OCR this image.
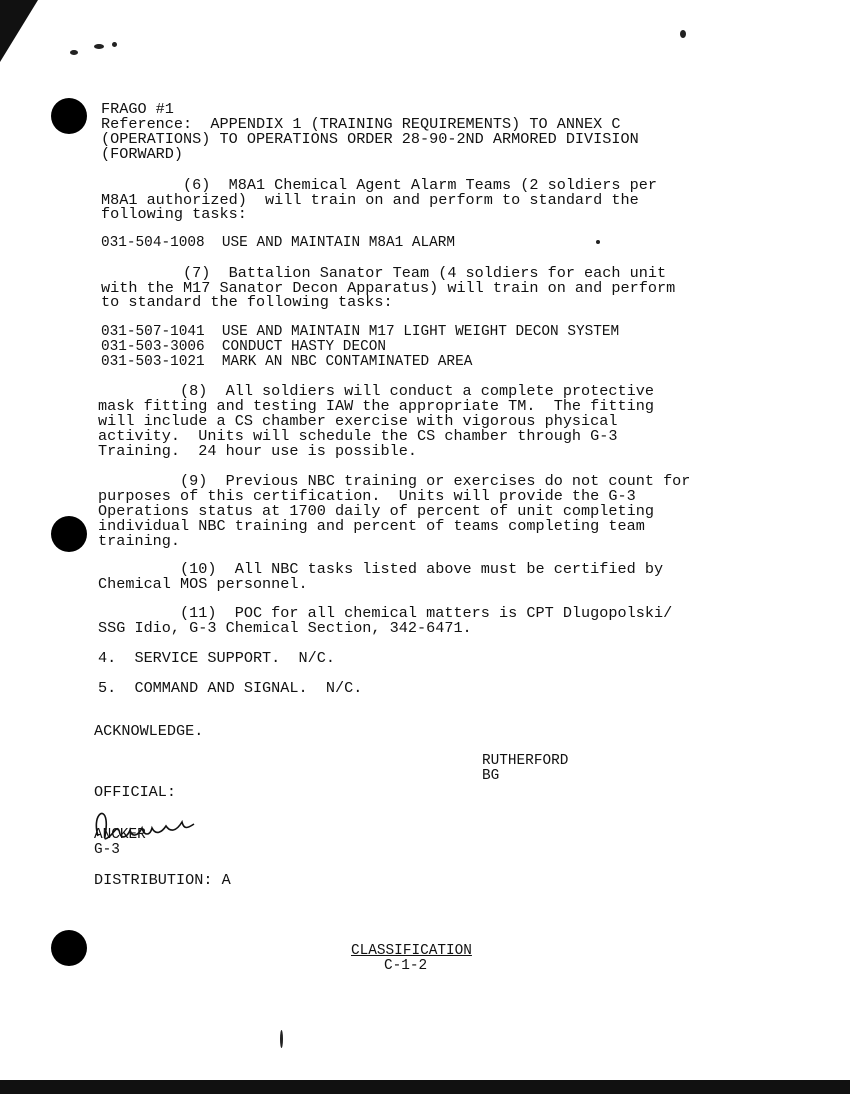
FRAGO #1
Reference:  APPENDIX 1 (TRAINING REQUIREMENTS) TO ANNEX C
(OPERATIONS) TO OPERATIONS ORDER 28-90-2ND ARMORED DIVISION
(FORWARD)
(6)  M8A1 Chemical Agent Alarm Teams (2 soldiers per
M8A1 authorized)  will train on and perform to standard the
following tasks:
031-504-1008  USE AND MAINTAIN M8A1 ALARM
(7)  Battalion Sanator Team (4 soldiers for each unit
with the M17 Sanator Decon Apparatus) will train on and perform
to standard the following tasks:
031-507-1041  USE AND MAINTAIN M17 LIGHT WEIGHT DECON SYSTEM
031-503-3006  CONDUCT HASTY DECON
031-503-1021  MARK AN NBC CONTAMINATED AREA
(8)  All soldiers will conduct a complete protective
mask fitting and testing IAW the appropriate TM.  The fitting
will include a CS chamber exercise with vigorous physical
activity.  Units will schedule the CS chamber through G-3
Training.  24 hour use is possible.
(9)  Previous NBC training or exercises do not count for
purposes of this certification.  Units will provide the G-3
Operations status at 1700 daily of percent of unit completing
individual NBC training and percent of teams completing team
training.
(10)  All NBC tasks listed above must be certified by
Chemical MOS personnel.
(11)  POC for all chemical matters is CPT Dlugopolski/
SSG Idio, G-3 Chemical Section, 342-6471.
4.  SERVICE SUPPORT.  N/C.
5.  COMMAND AND SIGNAL.  N/C.
ACKNOWLEDGE.
RUTHERFORD
BG
OFFICIAL:
ANCKER
G-3
DISTRIBUTION: A
CLASSIFICATION
C-1-2
